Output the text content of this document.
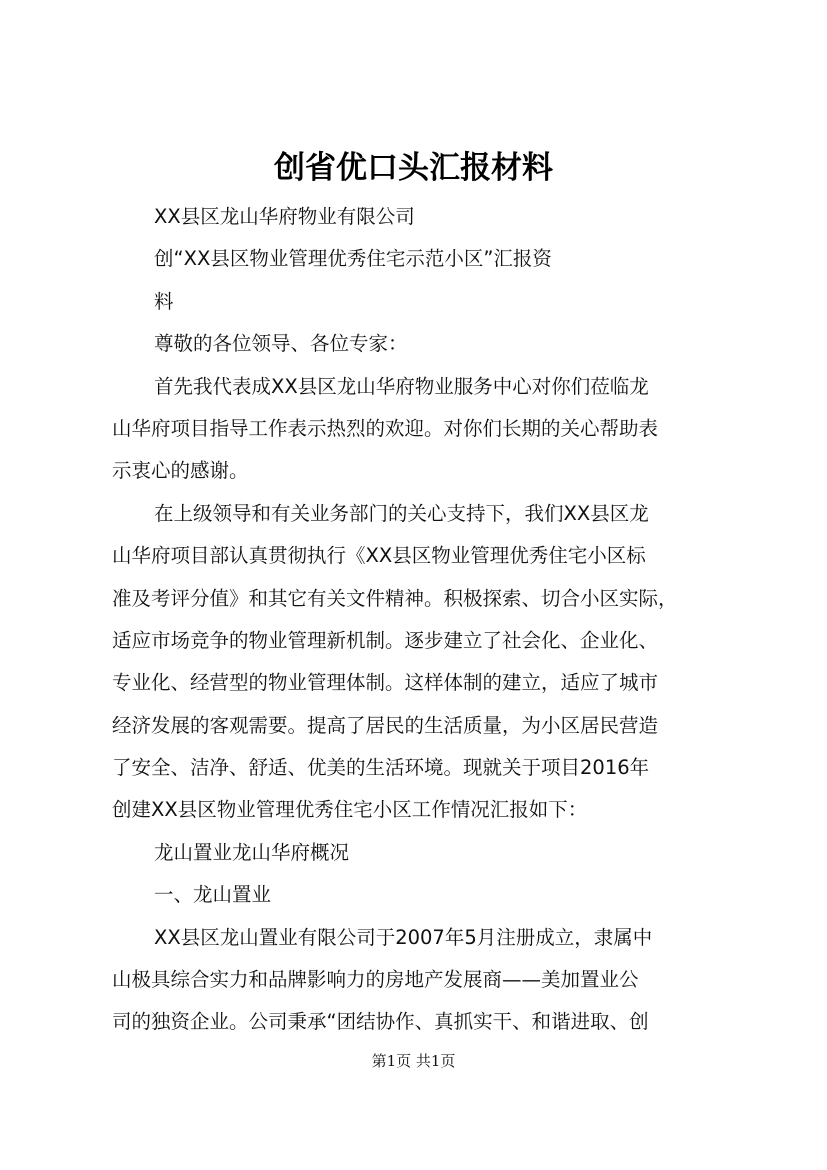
创省优口头汇报材料
XX县区龙山华府物业有限公司
创“XX县区物业管理优秀住宅示范小区”汇报资
料
尊敬的各位领导、各位专家：
首先我代表成XX县区龙山华府物业服务中心对你们莅临龙
山华府项目指导工作表示热烈的欢迎。对你们长期的关心帮助表
示衷心的感谢。
在上级领导和有关业务部门的关心支持下，我们XX县区龙
山华府项目部认真贯彻执行《XX县区物业管理优秀住宅小区标
准及考评分值》和其它有关文件精神。积极探索、切合小区实际，
适应市场竞争的物业管理新机制。逐步建立了社会化、企业化、
专业化、经营型的物业管理体制。这样体制的建立，适应了城市
经济发展的客观需要。提高了居民的生活质量，为小区居民营造
了安全、洁净、舒适、优美的生活环境。现就关于项目2016年
创建XX县区物业管理优秀住宅小区工作情况汇报如下：
龙山置业龙山华府概况
一、龙山置业
XX县区龙山置业有限公司于2007年5月注册成立，隶属中
山极具综合实力和品牌影响力的房地产发展商——美加置业公
司的独资企业。公司秉承“团结协作、真抓实干、和谐进取、创
第1页 共1页
